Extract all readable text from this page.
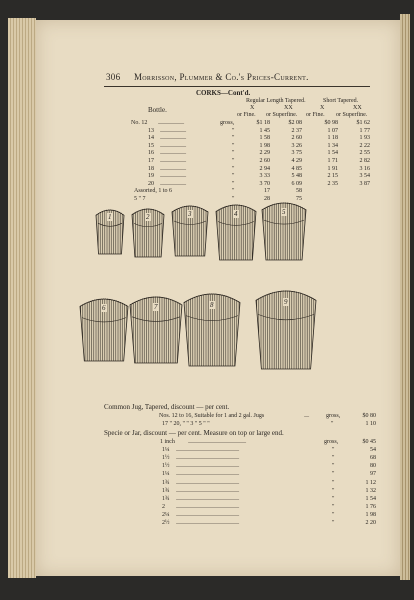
306 Morrisson, Plummer & Co.'s Prices-Current.
CORKS—Cont'd.
Regular Length Tapered.	Short Tapered.
X	XX	X	XX
Bottle.
or Fine. or Superfine. or Fine. or Superfine.
No. 12 ..........................	gross,	$1 18	$2 08	$0 98	$1 62
13 ..........................	"	1 45	2 37	1 07	1 77
14 ..........................	"	1 58	2 60	1 18	1 93
15 ..........................	"	1 98	3 26	1 34	2 22
16 ..........................	"	2 29	3 75	1 54	2 55
17 ..........................	"	2 60	4 29	1 71	2 82
18 ..........................	"	2 94	4 85	1 91	3 16
19 ..........................	"	3 33	5 48	2 15	3 54
20 ..........................	"	3 70	6 09	2 35	3 87
Assorted, 1 to 6	"	17	58
5 " 7	"	28	75
1	2	3	4	5
6	7	8	9
Common Jug, Tapered, discount — per cent.
Nos. 12 to 16, Suitable for 1 and 2 gal. Jugs	.....	gross,	$0 80
17 " 20, " " 3 " 5 " "	"	1 10
Specie or Jar, discount — per cent. Measure on top or large end.
1 inch ..........................................................	gross,	$0 45
1¼ ...............................................................	"	54
1½ ...............................................................	"	68
1½ ...............................................................	"	80
1¼ ...............................................................	"	97
1¾ ...............................................................	"	1 12
1¾ ...............................................................	"	1 32
1¾ ...............................................................	"	1 54
2 ...............................................................	"	1 76
2¼ ...............................................................	"	1 98
2½ ...............................................................	"	2 20
